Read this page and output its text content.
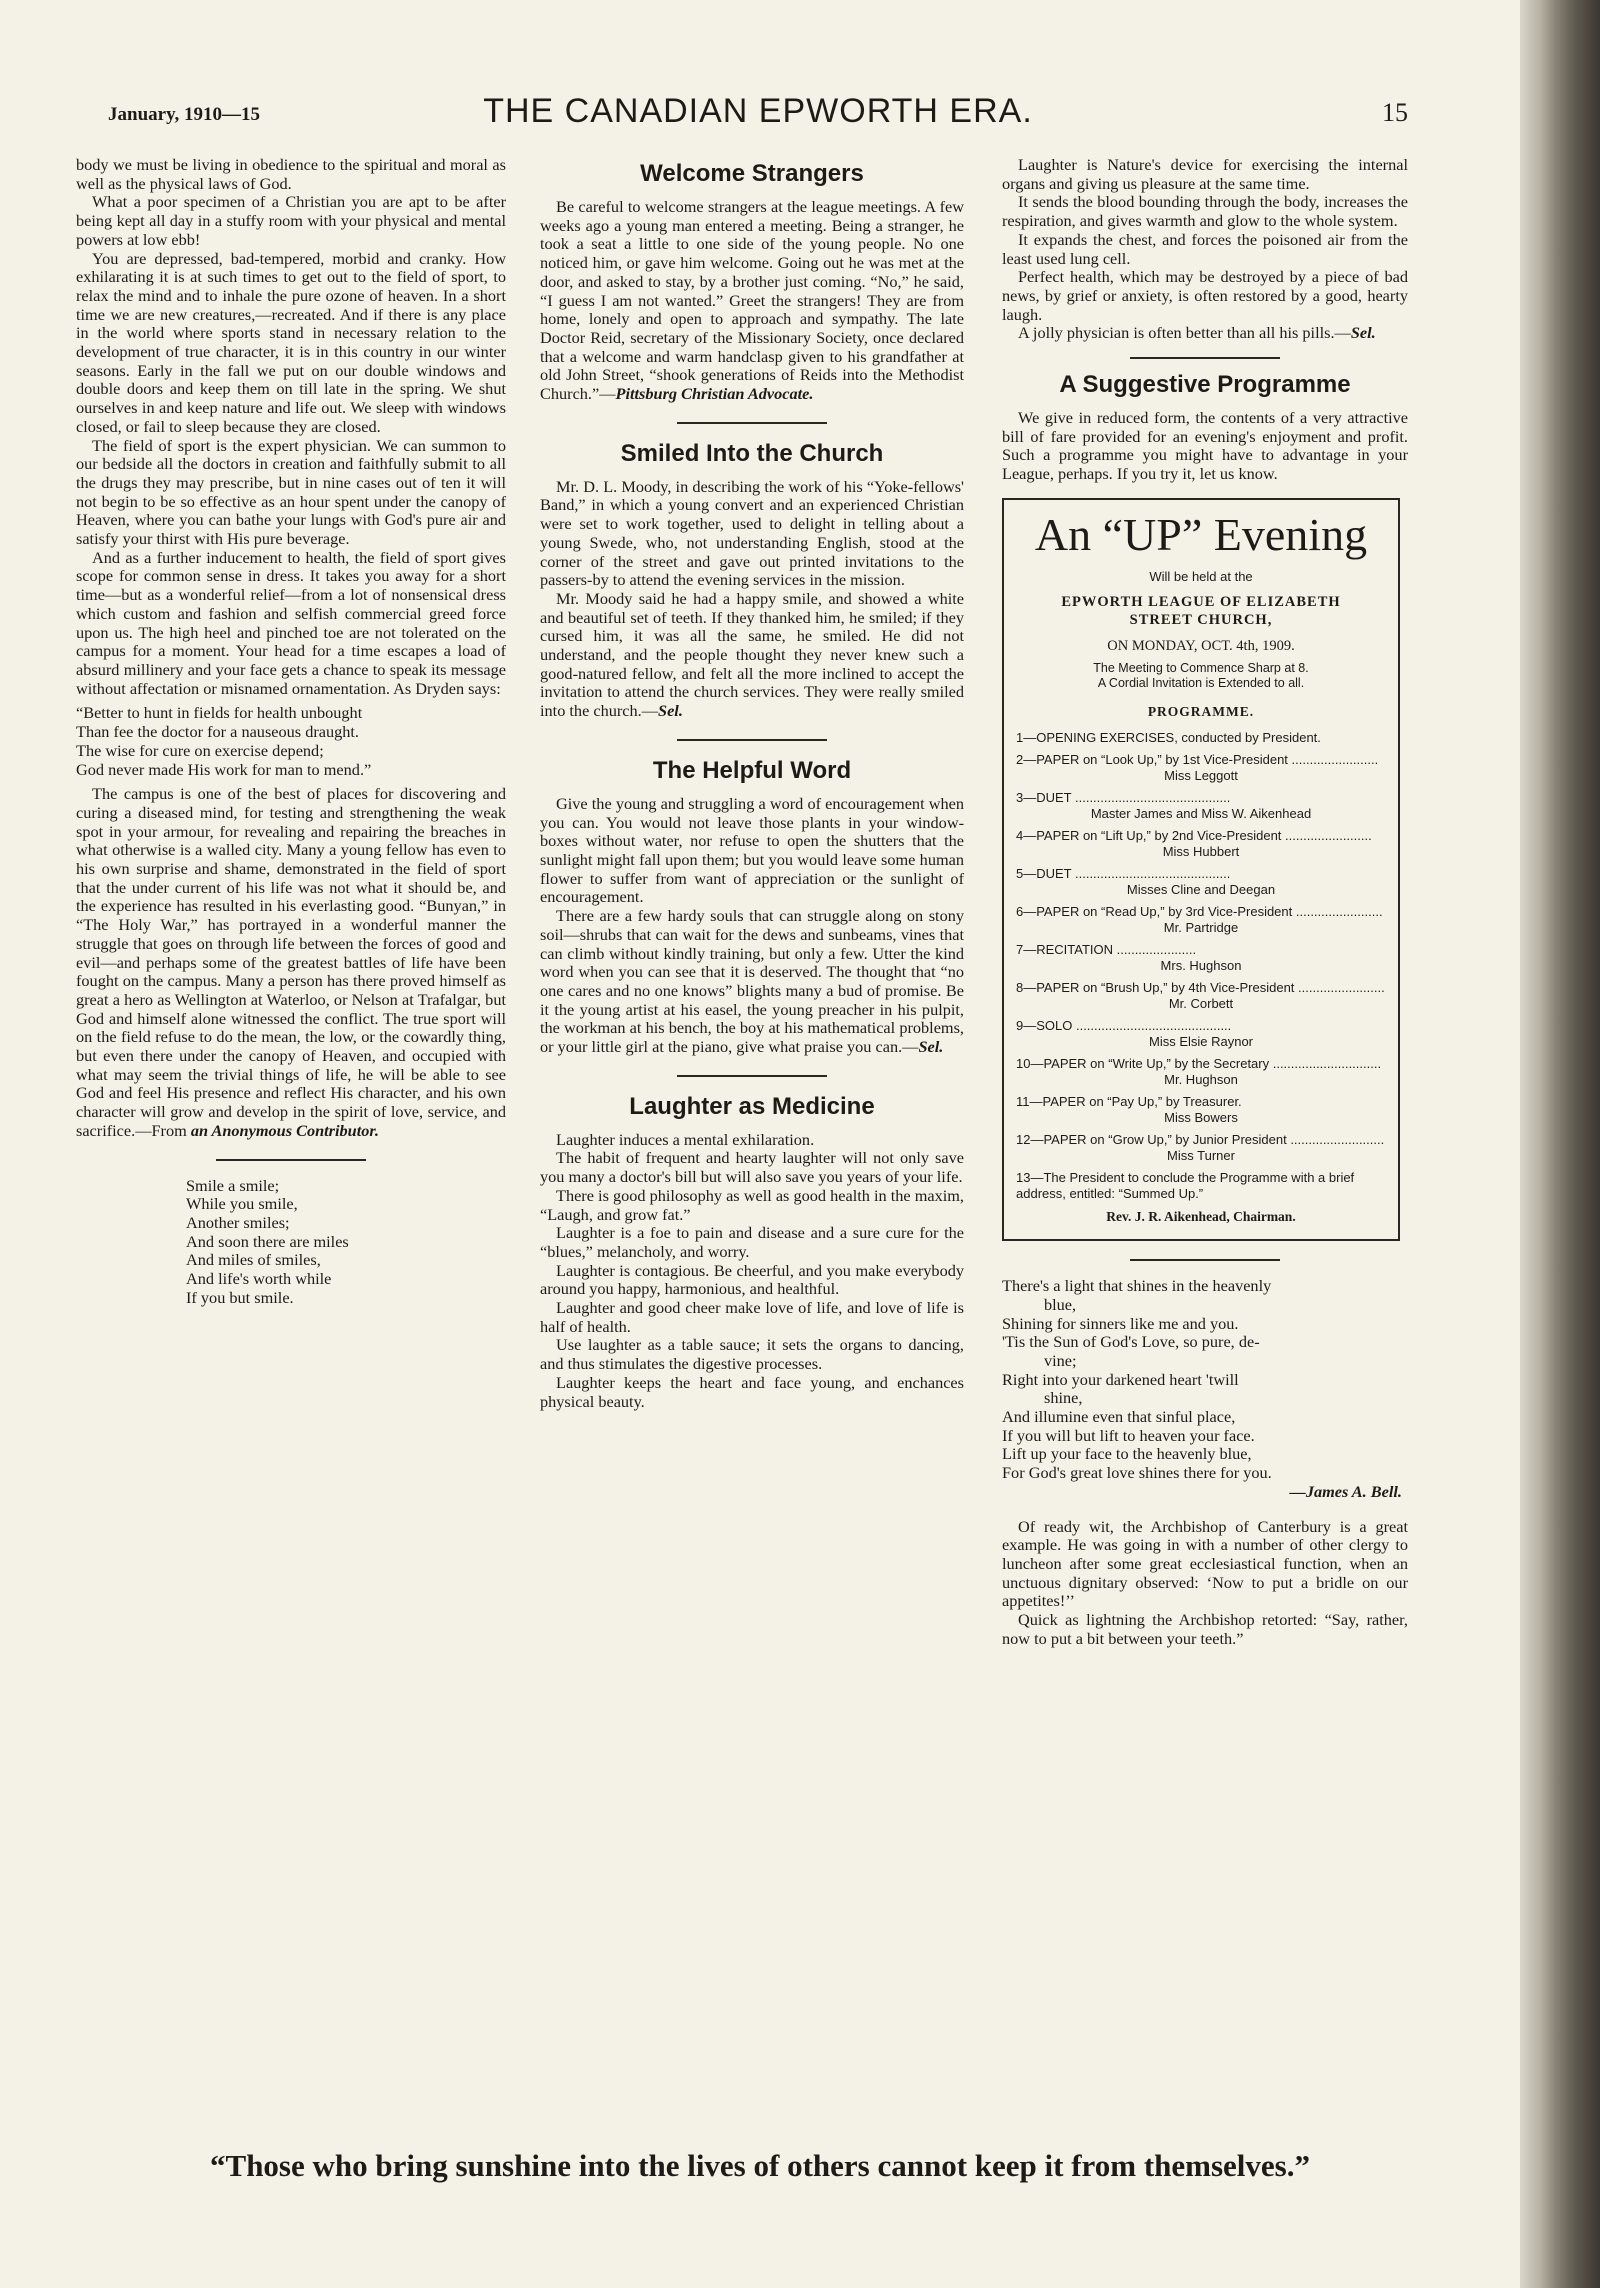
January, 1910—15	THE CANADIAN EPWORTH ERA.	15

body we must be living in obedience to the spiritual and moral as well as the physical laws of God.

What a poor specimen of a Christian you are apt to be after being kept all day in a stuffy room with your physical and mental powers at low ebb!

You are depressed, bad-tempered, morbid and cranky. How exhilarating it is at such times to get out to the field of sport, to relax the mind and to inhale the pure ozone of heaven. In a short time we are new creatures,—recreated. And if there is any place in the world where sports stand in necessary relation to the development of true character, it is in this country in our winter seasons. Early in the fall we put on our double windows and double doors and keep them on till late in the spring. We shut ourselves in and keep nature and life out. We sleep with windows closed, or fail to sleep because they are closed.

The field of sport is the expert physician. We can summon to our bedside all the doctors in creation and faithfully submit to all the drugs they may prescribe, but in nine cases out of ten it will not begin to be so effective as an hour spent under the canopy of Heaven, where you can bathe your lungs with God's pure air and satisfy your thirst with His pure beverage.

And as a further inducement to health, the field of sport gives scope for common sense in dress. It takes you away for a short time—but as a wonderful relief—from a lot of nonsensical dress which custom and fashion and selfish commercial greed force upon us. The high heel and pinched toe are not tolerated on the campus for a moment. Your head for a time escapes a load of absurd millinery and your face gets a chance to speak its message without affectation or misnamed ornamentation. As Dryden says:

“Better to hunt in fields for health unbought
Than fee the doctor for a nauseous draught.
The wise for cure on exercise depend;
God never made His work for man to mend.”

The campus is one of the best of places for discovering and curing a diseased mind, for testing and strengthening the weak spot in your armour, for revealing and repairing the breaches in what otherwise is a walled city. Many a young fellow has even to his own surprise and shame, demonstrated in the field of sport that the under current of his life was not what it should be, and the experience has resulted in his everlasting good. “Bunyan,” in “The Holy War,” has portrayed in a wonderful manner the struggle that goes on through life between the forces of good and evil—and perhaps some of the greatest battles of life have been fought on the campus. Many a person has there proved himself as great a hero as Wellington at Waterloo, or Nelson at Trafalgar, but God and himself alone witnessed the conflict. The true sport will on the field refuse to do the mean, the low, or the cowardly thing, but even there under the canopy of Heaven, and occupied with what may seem the trivial things of life, he will be able to see God and feel His presence and reflect His character, and his own character will grow and develop in the spirit of love, service, and sacrifice.—From an Anonymous Contributor.

Smile a smile;
While you smile,
Another smiles;
And soon there are miles
And miles of smiles,
And life's worth while
If you but smile.
Welcome Strangers

Be careful to welcome strangers at the league meetings. A few weeks ago a young man entered a meeting. Being a stranger, he took a seat a little to one side of the young people. No one noticed him, or gave him welcome. Going out he was met at the door, and asked to stay, by a brother just coming. “No,” he said, “I guess I am not wanted.” Greet the strangers! They are from home, lonely and open to approach and sympathy. The late Doctor Reid, secretary of the Missionary Society, once declared that a welcome and warm handclasp given to his grandfather at old John Street, “shook generations of Reids into the Methodist Church.”—Pittsburg Christian Advocate.

Smiled Into the Church

Mr. D. L. Moody, in describing the work of his “Yoke-fellows' Band,” in which a young convert and an experienced Christian were set to work together, used to delight in telling about a young Swede, who, not understanding English, stood at the corner of the street and gave out printed invitations to the passers-by to attend the evening services in the mission.

Mr. Moody said he had a happy smile, and showed a white and beautiful set of teeth. If they thanked him, he smiled; if they cursed him, it was all the same, he smiled. He did not understand, and the people thought they never knew such a good-natured fellow, and felt all the more inclined to accept the invitation to attend the church services. They were really smiled into the church.—Sel.

The Helpful Word

Give the young and struggling a word of encouragement when you can. You would not leave those plants in your window-boxes without water, nor refuse to open the shutters that the sunlight might fall upon them; but you would leave some human flower to suffer from want of appreciation or the sunlight of encouragement.

There are a few hardy souls that can struggle along on stony soil—shrubs that can wait for the dews and sunbeams, vines that can climb without kindly training, but only a few. Utter the kind word when you can see that it is deserved. The thought that “no one cares and no one knows” blights many a bud of promise. Be it the young artist at his easel, the young preacher in his pulpit, the workman at his bench, the boy at his mathematical problems, or your little girl at the piano, give what praise you can.—Sel.

Laughter as Medicine

Laughter induces a mental exhilaration.

The habit of frequent and hearty laughter will not only save you many a doctor's bill but will also save you years of your life.

There is good philosophy as well as good health in the maxim, “Laugh, and grow fat.”

Laughter is a foe to pain and disease and a sure cure for the “blues,” melancholy, and worry.

Laughter is contagious. Be cheerful, and you make everybody around you happy, harmonious, and healthful.

Laughter and good cheer make love of life, and love of life is half of health.

Use laughter as a table sauce; it sets the organs to dancing, and thus stimulates the digestive processes.

Laughter keeps the heart and face young, and enchances physical beauty.

Laughter is Nature's device for exercising the internal organs and giving us pleasure at the same time.

It sends the blood bounding through the body, increases the respiration, and gives warmth and glow to the whole system.

It expands the chest, and forces the poisoned air from the least used lung cell.

Perfect health, which may be destroyed by a piece of bad news, by grief or anxiety, is often restored by a good, hearty laugh.

A jolly physician is often better than all his pills.—Sel.

A Suggestive Programme

We give in reduced form, the contents of a very attractive bill of fare provided for an evening's enjoyment and profit. Such a programme you might have to advantage in your League, perhaps. If you try it, let us know.

An “UP” Evening
Will be held at the
EPWORTH LEAGUE OF ELIZABETH
STREET CHURCH,
ON MONDAY, OCT. 4th, 1909.
The Meeting to Commence Sharp at 8.
A Cordial Invitation is Extended to all.
PROGRAMME.
1—OPENING EXERCISES, conducted by President.
2—PAPER on “Look Up,” by 1st Vice-President ........................
Miss Leggott
3—DUET ...........................................
Master James and Miss W. Aikenhead
4—PAPER on “Lift Up,” by 2nd Vice-President ........................
Miss Hubbert
5—DUET ...........................................
Misses Cline and Deegan
6—PAPER on “Read Up,” by 3rd Vice-President ........................
Mr. Partridge
7—RECITATION ......................
Mrs. Hughson
8—PAPER on “Brush Up,” by 4th Vice-President ........................
Mr. Corbett
9—SOLO ...........................................
Miss Elsie Raynor
10—PAPER on “Write Up,” by the Secretary ..............................
Mr. Hughson
11—PAPER on “Pay Up,” by Treasurer.
Miss Bowers
12—PAPER on “Grow Up,” by Junior President ..........................
Miss Turner
13—The President to conclude the Programme with a brief address, entitled: “Summed Up.”
Rev. J. R. Aikenhead, Chairman.
There's a light that shines in the heavenly
blue,
Shining for sinners like me and you.
'Tis the Sun of God's Love, so pure, de-
vine;
Right into your darkened heart 'twill
shine,
And illumine even that sinful place,
If you will but lift to heaven your face.
Lift up your face to the heavenly blue,
For God's great love shines there for you.
—James A. Bell.

Of ready wit, the Archbishop of Canterbury is a great example. He was going in with a number of other clergy to luncheon after some great ecclesiastical function, when an unctuous dignitary observed: ‘Now to put a bridle on our appetites!’’

Quick as lightning the Archbishop retorted: “Say, rather, now to put a bit between your teeth.”

“Those who bring sunshine into the lives of others cannot keep it from themselves.”
